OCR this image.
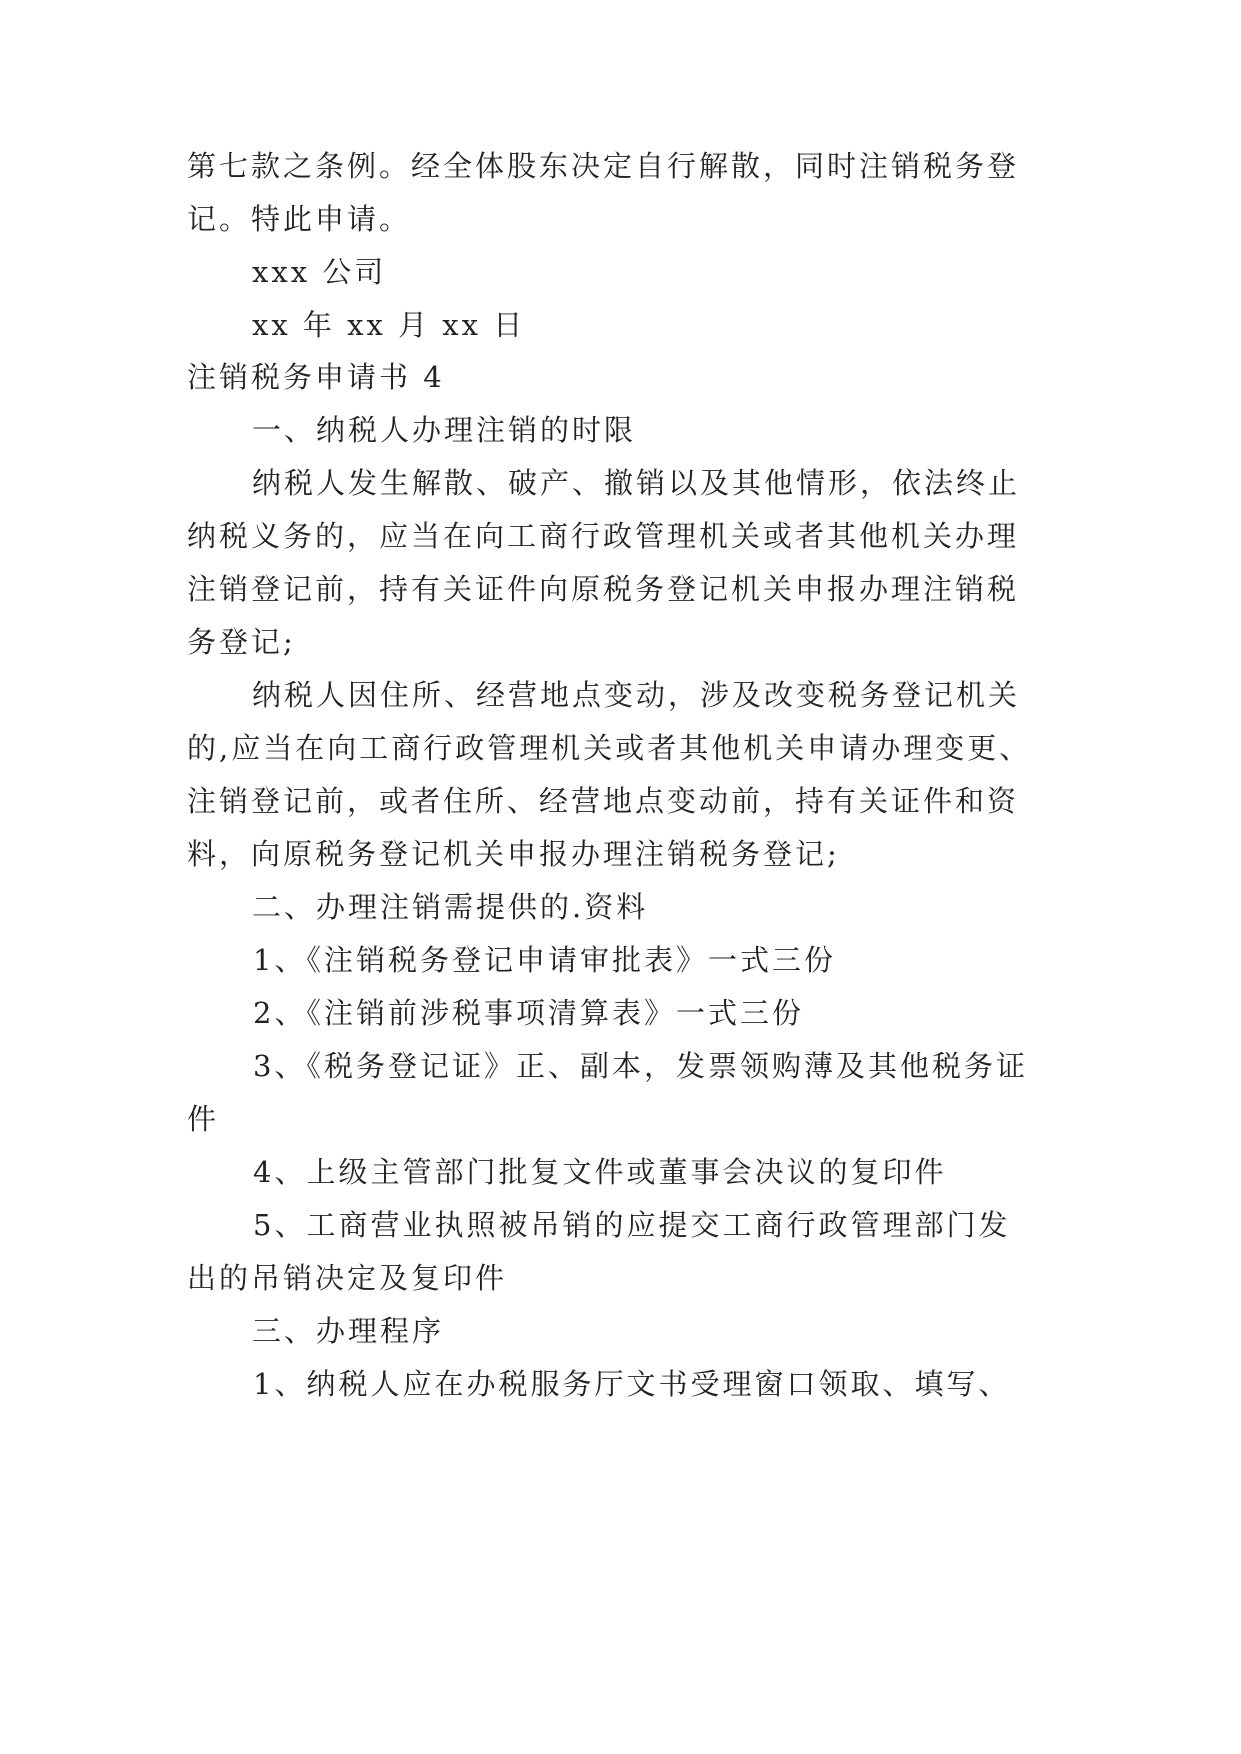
第七款之条例。经全体股东决定自行解散，同时注销税务登
记。特此申请。
xxx 公司
xx 年 xx 月 xx 日
注销税务申请书 4
一、纳税人办理注销的时限
纳税人发生解散、破产、撤销以及其他情形，依法终止
纳税义务的，应当在向工商行政管理机关或者其他机关办理
注销登记前，持有关证件向原税务登记机关申报办理注销税
务登记;
纳税人因住所、经营地点变动，涉及改变税务登记机关
的,应当在向工商行政管理机关或者其他机关申请办理变更、
注销登记前，或者住所、经营地点变动前，持有关证件和资
料，向原税务登记机关申报办理注销税务登记;
二、办理注销需提供的.资料
1、《注销税务登记申请审批表》一式三份
2、《注销前涉税事项清算表》一式三份
3、《税务登记证》正、副本，发票领购薄及其他税务证
件
4、上级主管部门批复文件或董事会决议的复印件
5、工商营业执照被吊销的应提交工商行政管理部门发
出的吊销决定及复印件
三、办理程序
1、纳税人应在办税服务厅文书受理窗口领取、填写、
